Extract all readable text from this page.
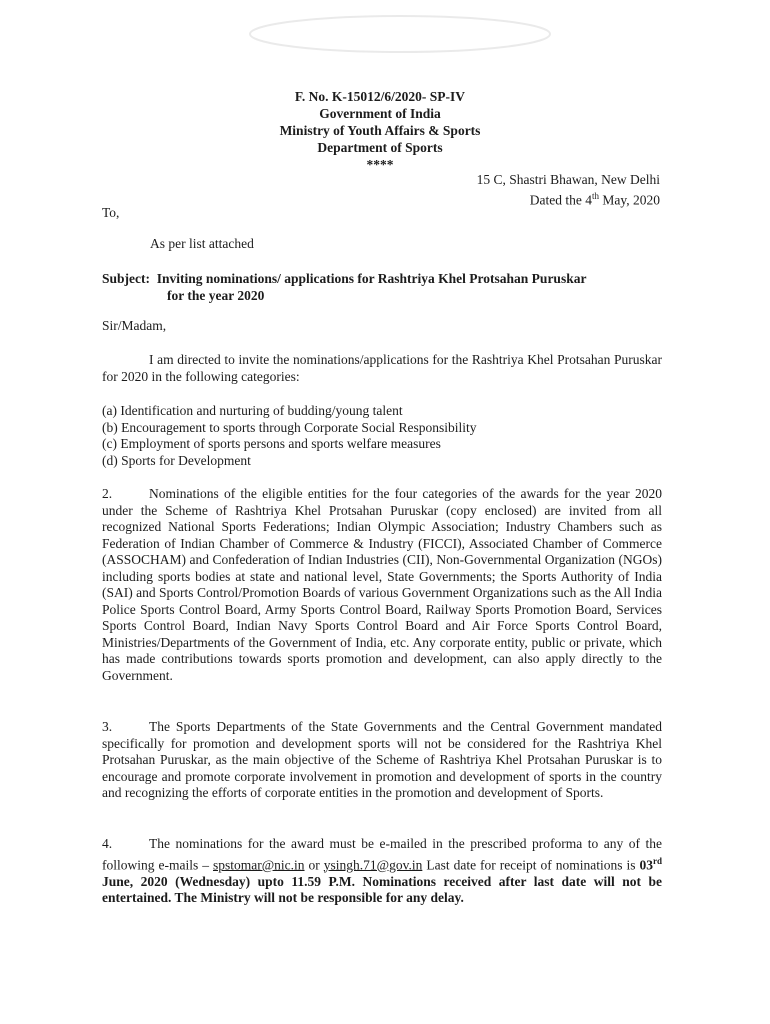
F. No. K-15012/6/2020- SP-IV
Government of India
Ministry of Youth Affairs & Sports
Department of Sports
****
15 C, Shastri Bhawan, New Delhi
Dated the 4th May, 2020
To,
As per list attached
Subject: Inviting nominations/ applications for Rashtriya Khel Protsahan Puruskar
for the year 2020
Sir/Madam,
I am directed to invite the nominations/applications for the Rashtriya Khel Protsahan Puruskar for 2020 in the following categories:
(a) Identification and nurturing of budding/young talent
(b) Encouragement to sports through Corporate Social Responsibility
(c) Employment of sports persons and sports welfare measures
(d) Sports for Development
2.	Nominations of the eligible entities for the four categories of the awards for the year 2020 under the Scheme of Rashtriya Khel Protsahan Puruskar (copy enclosed) are invited from all recognized National Sports Federations; Indian Olympic Association; Industry Chambers such as Federation of Indian Chamber of Commerce & Industry (FICCI), Associated Chamber of Commerce (ASSOCHAM) and Confederation of Indian Industries (CII), Non-Governmental Organization (NGOs) including sports bodies at state and national level, State Governments; the Sports Authority of India (SAI) and Sports Control/Promotion Boards of various Government Organizations such as the All India Police Sports Control Board, Army Sports Control Board, Railway Sports Promotion Board, Services Sports Control Board, Indian Navy Sports Control Board and Air Force Sports Control Board, Ministries/Departments of the Government of India, etc. Any corporate entity, public or private, which has made contributions towards sports promotion and development, can also apply directly to the Government.
3.	The Sports Departments of the State Governments and the Central Government mandated specifically for promotion and development sports will not be considered for the Rashtriya Khel Protsahan Puruskar, as the main objective of the Scheme of Rashtriya Khel Protsahan Puruskar is to encourage and promote corporate involvement in promotion and development of sports in the country and recognizing the efforts of corporate entities in the promotion and development of Sports.
4.	The nominations for the award must be e-mailed in the prescribed proforma to any of the following e-mails – spstomar@nic.in or ysingh.71@gov.in Last date for receipt of nominations is 03rd June, 2020 (Wednesday) upto 11.59 P.M. Nominations received after last date will not be entertained. The Ministry will not be responsible for any delay.
